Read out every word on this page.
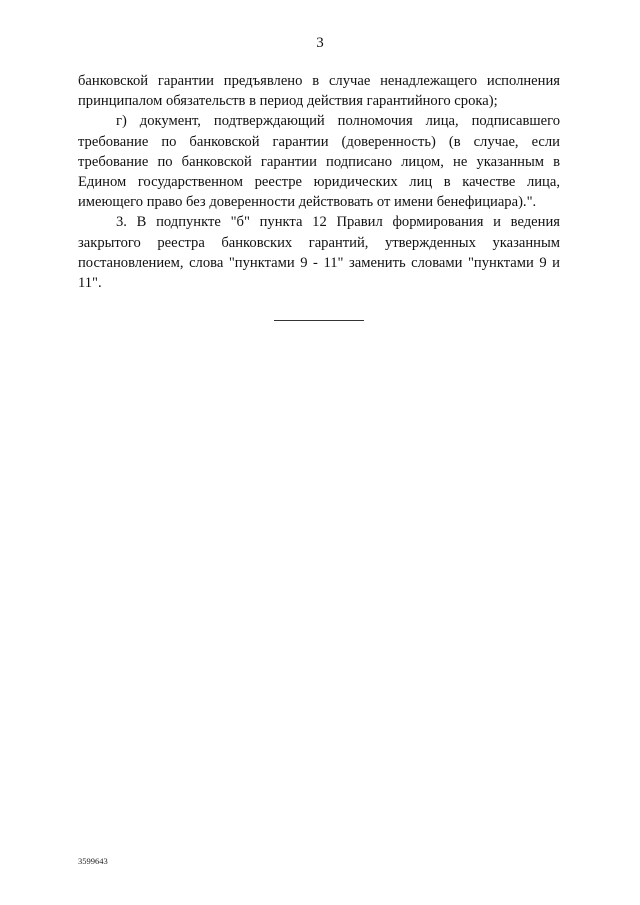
3

банковской гарантии предъявлено в случае ненадлежащего исполнения принципалом обязательств в период действия гарантийного срока);

г) документ, подтверждающий полномочия лица, подписавшего требование по банковской гарантии (доверенность) (в случае, если требование по банковской гарантии подписано лицом, не указанным в Едином государственном реестре юридических лиц в качестве лица, имеющего право без доверенности действовать от имени бенефициара).".

3. В подпункте "б" пункта 12 Правил формирования и ведения закрытого реестра банковских гарантий, утвержденных указанным постановлением, слова "пунктами 9 - 11" заменить словами "пунктами 9 и 11".

3599643
